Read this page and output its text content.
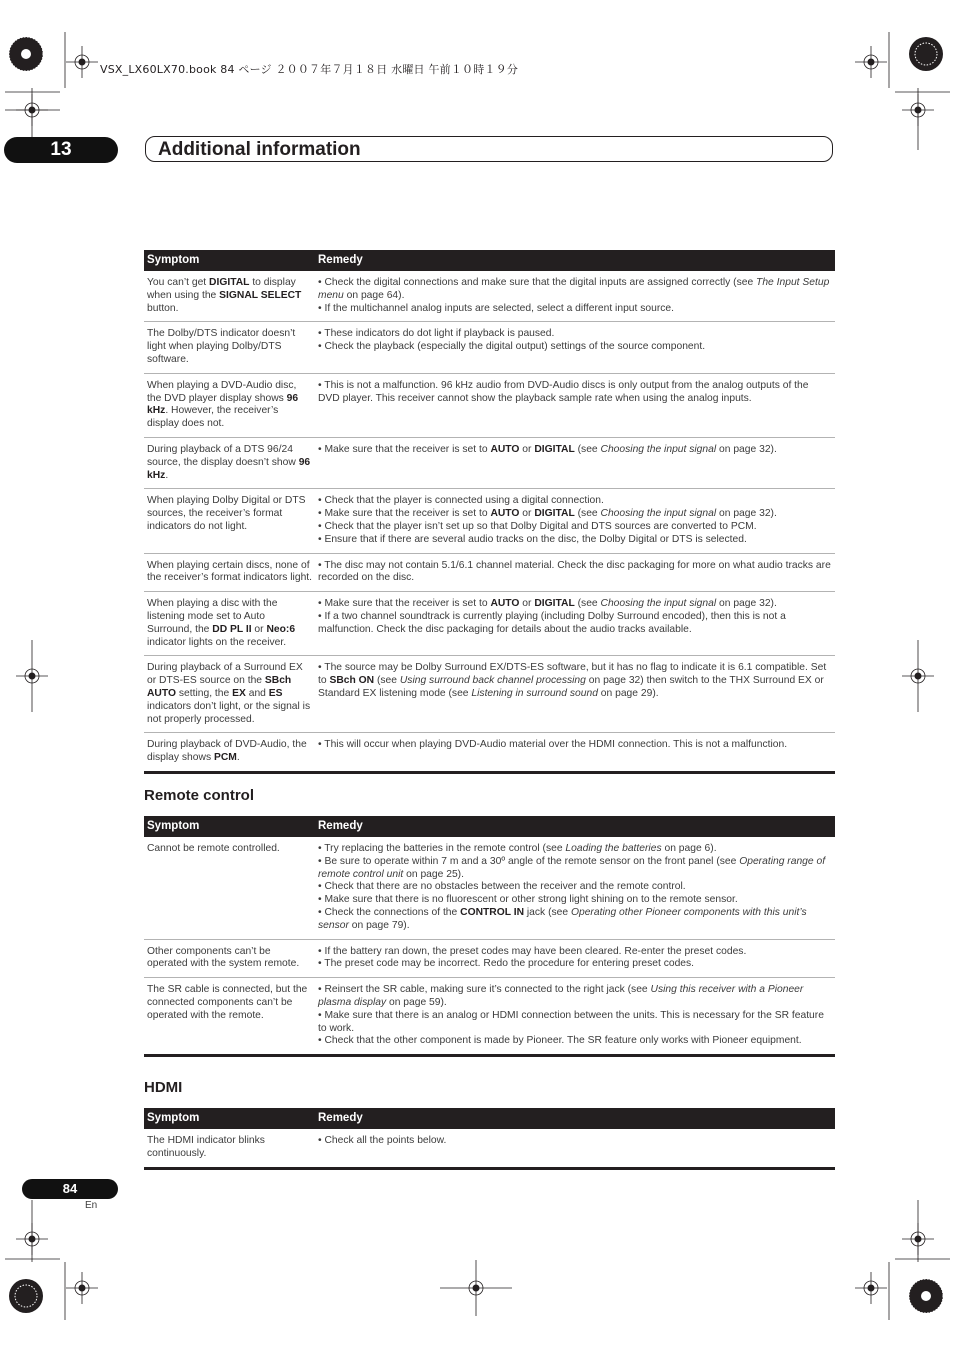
VSX_LX60LX70.book 84 ページ ２００７年７月１８日 水曜日 午前１０時１９分
13	Additional information
Symptom	Remedy

You can’t get DIGITAL to display when using the SIGNAL SELECT button.	• Check the digital connections and make sure that the digital inputs are assigned correctly (see The Input Setup menu on page 64).
• If the multichannel analog inputs are selected, select a different input source.

The Dolby/DTS indicator doesn’t light when playing Dolby/DTS software.	• These indicators do dot light if playback is paused.
• Check the playback (especially the digital output) settings of the source component.

When playing a DVD-Audio disc, the DVD player display shows 96 kHz. However, the receiver’s display does not.	• This is not a malfunction. 96 kHz audio from DVD-Audio discs is only output from the analog outputs of the DVD player. This receiver cannot show the playback sample rate when using the analog inputs.

During playback of a DTS 96/24 source, the display doesn’t show 96 kHz.	• Make sure that the receiver is set to AUTO or DIGITAL (see Choosing the input signal on page 32).

When playing Dolby Digital or DTS sources, the receiver’s format indicators do not light.	• Check that the player is connected using a digital connection.
• Make sure that the receiver is set to AUTO or DIGITAL (see Choosing the input signal on page 32).
• Check that the player isn’t set up so that Dolby Digital and DTS sources are converted to PCM.
• Ensure that if there are several audio tracks on the disc, the Dolby Digital or DTS is selected.

When playing certain discs, none of the receiver’s format indicators light.	• The disc may not contain 5.1/6.1 channel material. Check the disc packaging for more on what audio tracks are recorded on the disc.

When playing a disc with the listening mode set to Auto Surround, the DD PL II or Neo:6 indicator lights on the receiver.	• Make sure that the receiver is set to AUTO or DIGITAL (see Choosing the input signal on page 32).
• If a two channel soundtrack is currently playing (including Dolby Surround encoded), then this is not a malfunction. Check the disc packaging for details about the audio tracks available.

During playback of a Surround EX or DTS-ES source on the SBch AUTO setting, the EX and ES indicators don’t light, or the signal is not properly processed.	• The source may be Dolby Surround EX/DTS-ES software, but it has no flag to indicate it is 6.1 compatible. Set to SBch ON (see Using surround back channel processing on page 32) then switch to the THX Surround EX or Standard EX listening mode (see Listening in surround sound on page 29).

During playback of DVD-Audio, the display shows PCM.	• This will occur when playing DVD-Audio material over the HDMI connection. This is not a malfunction.
Remote control
Symptom	Remedy

Cannot be remote controlled.	• Try replacing the batteries in the remote control (see Loading the batteries on page 6).
• Be sure to operate within 7 m and a 30º angle of the remote sensor on the front panel (see Operating range of remote control unit on page 25).
• Check that there are no obstacles between the receiver and the remote control.
• Make sure that there is no fluorescent or other strong light shining on to the remote sensor.
• Check the connections of the CONTROL IN jack (see Operating other Pioneer components with this unit’s sensor on page 79).

Other components can’t be operated with the system remote.	• If the battery ran down, the preset codes may have been cleared. Re-enter the preset codes.
• The preset code may be incorrect. Redo the procedure for entering preset codes.

The SR cable is connected, but the connected components can’t be operated with the remote.	• Reinsert the SR cable, making sure it’s connected to the right jack (see Using this receiver with a Pioneer plasma display on page 59).
• Make sure that there is an analog or HDMI connection between the units. This is necessary for the SR feature to work.
• Check that the other component is made by Pioneer. The SR feature only works with Pioneer equipment.
HDMI
Symptom	Remedy

The HDMI indicator blinks continuously.	• Check all the points below.
84
En
